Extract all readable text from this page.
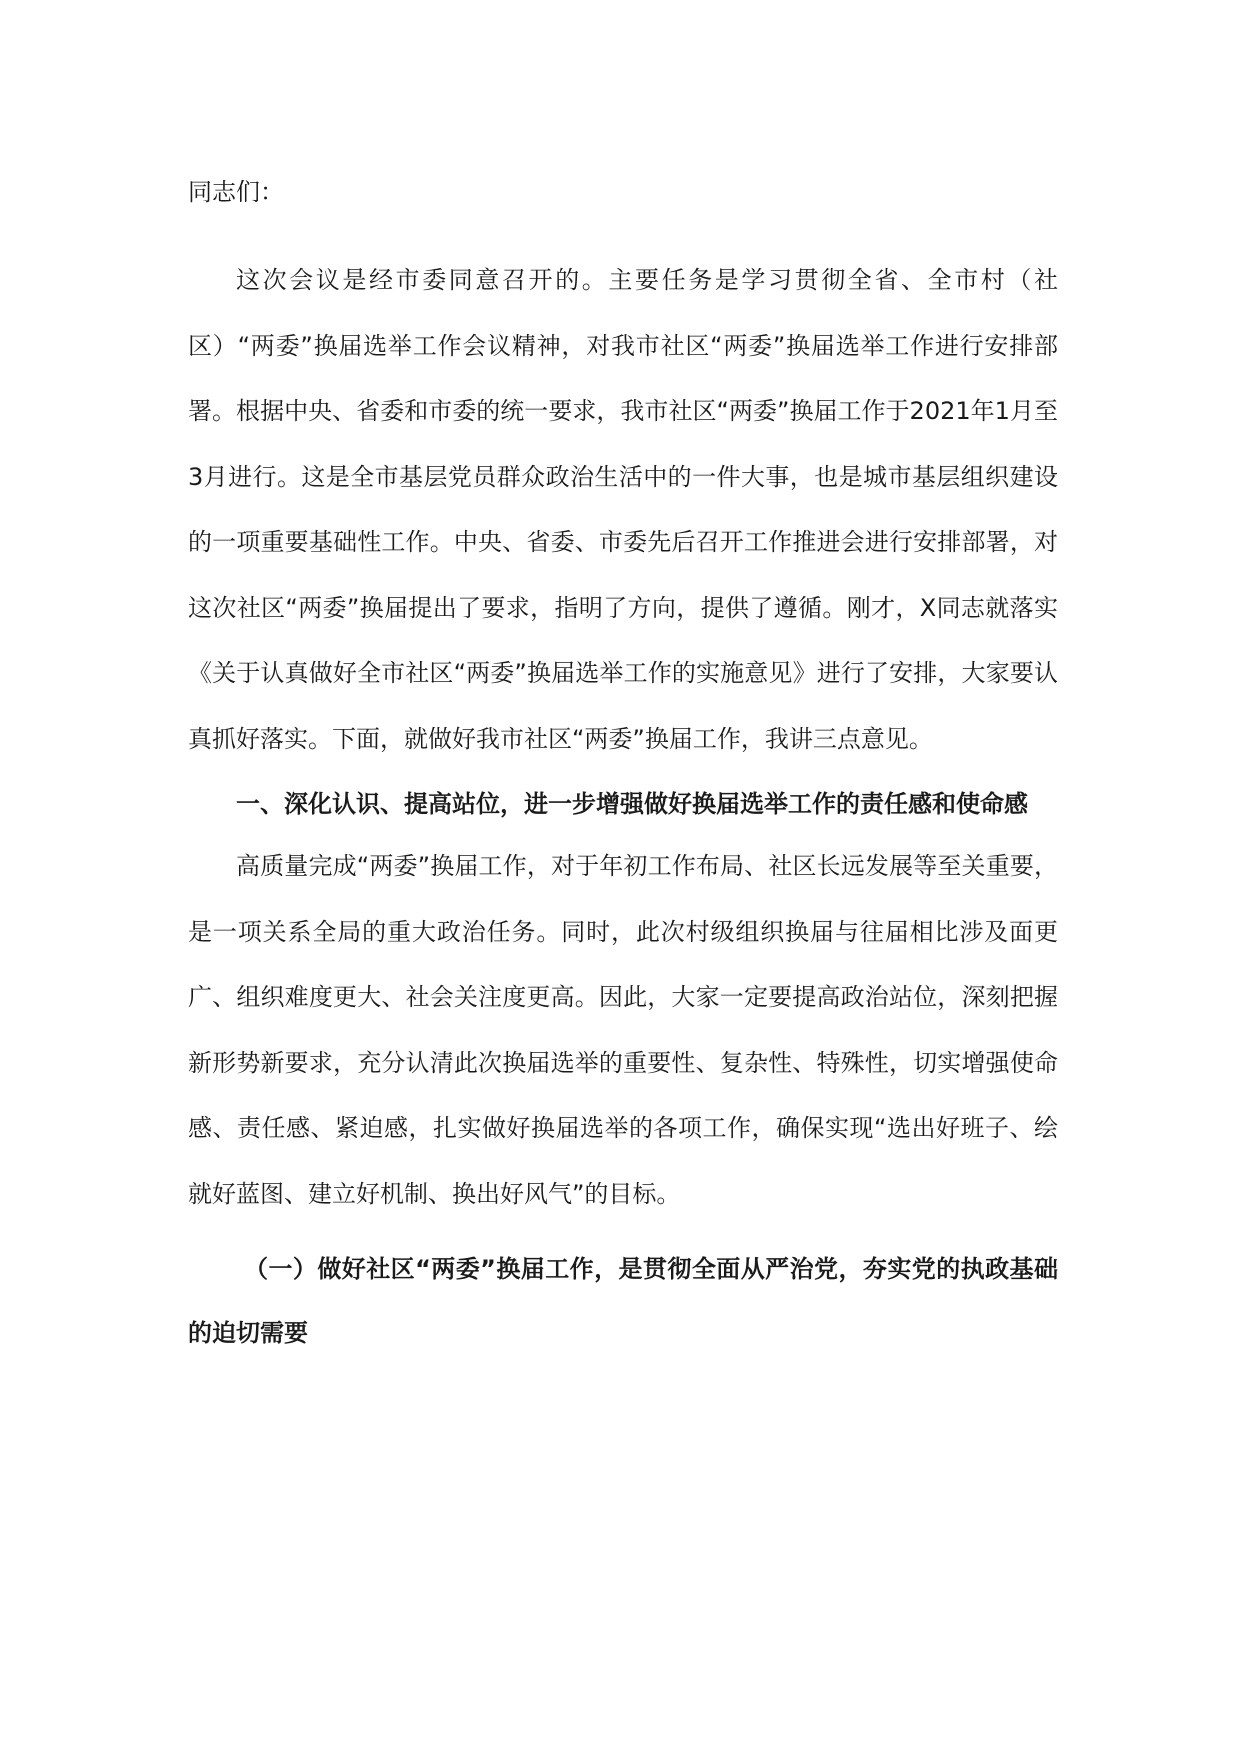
同志们：

这次会议是经市委同意召开的。主要任务是学习贯彻全省、全市村（社区）“两委”换届选举工作会议精神，对我市社区“两委”换届选举工作进行安排部署。根据中央、省委和市委的统一要求，我市社区“两委”换届工作于2021年1月至3月进行。这是全市基层党员群众政治生活中的一件大事，也是城市基层组织建设的一项重要基础性工作。中央、省委、市委先后召开工作推进会进行安排部署，对这次社区“两委”换届提出了要求，指明了方向，提供了遵循。刚才，X同志就落实《关于认真做好全市社区“两委”换届选举工作的实施意见》进行了安排，大家要认真抓好落实。下面，就做好我市社区“两委”换届工作，我讲三点意见。

一、深化认识、提高站位，进一步增强做好换届选举工作的责任感和使命感

高质量完成“两委”换届工作，对于年初工作布局、社区长远发展等至关重要，是一项关系全局的重大政治任务。同时，此次村级组织换届与往届相比涉及面更广、组织难度更大、社会关注度更高。因此，大家一定要提高政治站位，深刻把握新形势新要求，充分认清此次换届选举的重要性、复杂性、特殊性，切实增强使命感、责任感、紧迫感，扎实做好换届选举的各项工作，确保实现“选出好班子、绘就好蓝图、建立好机制、换出好风气”的目标。

（一）做好社区“两委”换届工作，是贯彻全面从严治党，夯实党的执政基础的迫切需要
